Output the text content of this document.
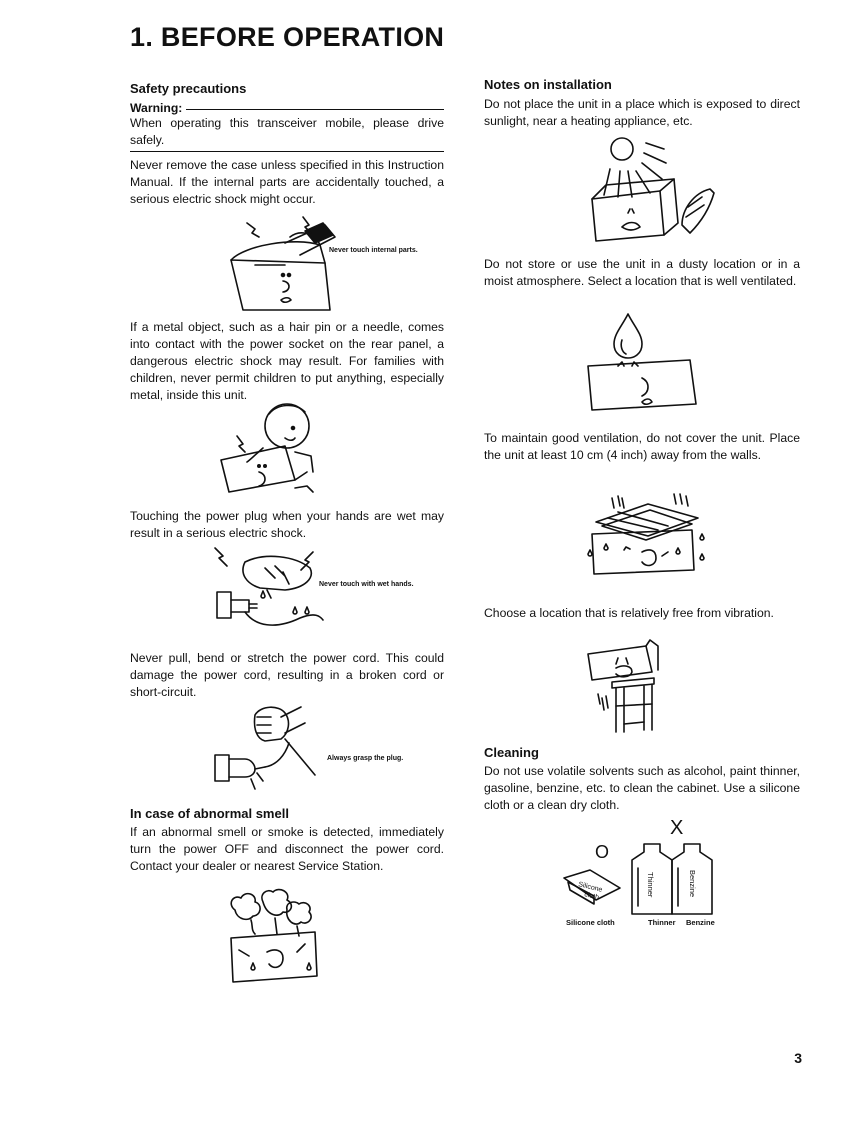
1. BEFORE OPERATION
Safety precautions
Warning:

When operating this transceiver mobile, please drive safely.

Never remove the case unless specified in this Instruction Manual. If the internal parts are accidentally touched, a serious electric shock might occur.

Never touch internal parts.

If a metal object, such as a hair pin or a needle, comes into contact with the power socket on the rear panel, a dangerous electric shock may result. For families with children, never permit children to put anything, especially metal, inside this unit.

Touching the power plug when your hands are wet may result in a serious electric shock.

Never touch with wet hands.

Never pull, bend or stretch the power cord. This could damage the power cord, resulting in a broken cord or short-circuit.

Always grasp the plug.
In case of abnormal smell

If an abnormal smell or smoke is detected, immediately turn the power OFF and disconnect the power cord. Contact your dealer or nearest Service Station.

Notes on installation

Do not place the unit in a place which is exposed to direct sunlight, near a heating appliance, etc.

Do not store or use the unit in a dusty location or in a moist atmosphere. Select a location that is well ventilated.

To maintain good ventilation, do not cover the unit. Place the unit at least 10 cm (4 inch) away from the walls.

Choose a location that is relatively free from vibration.

Cleaning

Do not use volatile solvents such as alcohol, paint thinner, gasoline, benzine, etc. to clean the cabinet. Use a silicone cloth or a clean dry cloth.

O
X
Silicone
cloth	Thinner	Benzine
Silicone cloth	Thinner Benzine
3
